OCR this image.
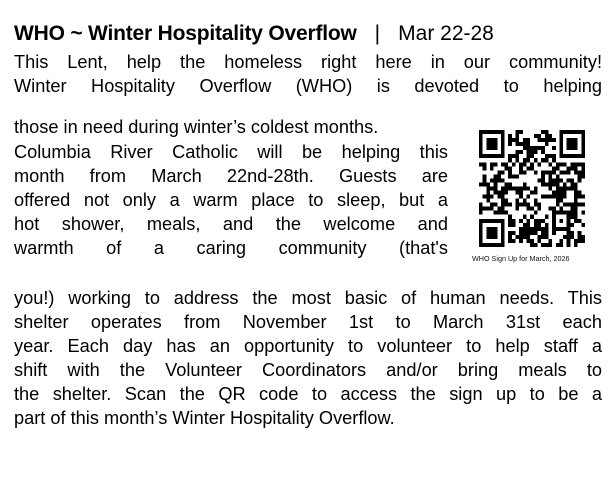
WHO ~ Winter Hospitality Overflow | Mar 22-28
This Lent, help the homeless right here in our community!
Winter Hospitality Overflow (WHO) is devoted to helping
those in need during winter’s coldest months.
Columbia River Catholic will be helping this
month from March 22nd-28th. Guests are
offered not only a warm place to sleep, but a
hot shower, meals, and the welcome and
warmth of a caring community (that's
you!) working to address the most basic of human needs. This
shelter operates from November 1st to March 31st each
year. Each day has an opportunity to volunteer to help staff a
shift with the Volunteer Coordinators and/or bring meals to
the shelter. Scan the QR code to access the sign up to be a
part of this month’s Winter Hospitality Overflow.
WHO Sign Up for March, 2026
